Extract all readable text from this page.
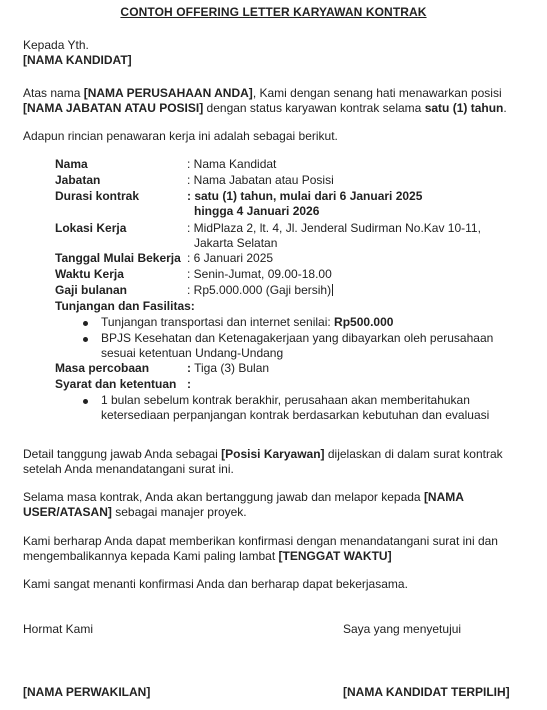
CONTOH OFFERING LETTER KARYAWAN KONTRAK
Kepada Yth.
[NAMA KANDIDAT]
Atas nama [NAMA PERUSAHAAN ANDA], Kami dengan senang hati menawarkan posisi
[NAMA JABATAN ATAU POSISI] dengan status karyawan kontrak selama satu (1) tahun.
Adapun rincian penawaran kerja ini adalah sebagai berikut.
Nama	: Nama Kandidat
Jabatan	: Nama Jabatan atau Posisi
Durasi kontrak	: satu (1) tahun, mulai dari 6 Januari 2025
hingga 4 Januari 2026
Lokasi Kerja	: MidPlaza 2, lt. 4, Jl. Jenderal Sudirman No.Kav 10-11,
Jakarta Selatan
Tanggal Mulai Bekerja : 6 Januari 2025
Waktu Kerja	: Senin-Jumat, 09.00-18.00
Gaji bulanan	: Rp5.000.000 (Gaji bersih)
Tunjangan dan Fasilitas:
Tunjangan transportasi dan internet senilai: Rp500.000
BPJS Kesehatan dan Ketenagakerjaan yang dibayarkan oleh perusahaan
sesuai ketentuan Undang-Undang
Masa percobaan	: Tiga (3) Bulan
Syarat dan ketentuan :
1 bulan sebelum kontrak berakhir, perusahaan akan memberitahukan
ketersediaan perpanjangan kontrak berdasarkan kebutuhan dan evaluasi
Detail tanggung jawab Anda sebagai [Posisi Karyawan] dijelaskan di dalam surat kontrak
setelah Anda menandatangani surat ini.
Selama masa kontrak, Anda akan bertanggung jawab dan melapor kepada [NAMA
USER/ATASAN] sebagai manajer proyek.
Kami berharap Anda dapat memberikan konfirmasi dengan menandatangani surat ini dan
mengembalikannya kepada Kami paling lambat [TENGGAT WAKTU]
Kami sangat menanti konfirmasi Anda dan berharap dapat bekerjasama.
Hormat Kami	Saya yang menyetujui
[NAMA PERWAKILAN]	[NAMA KANDIDAT TERPILIH]
